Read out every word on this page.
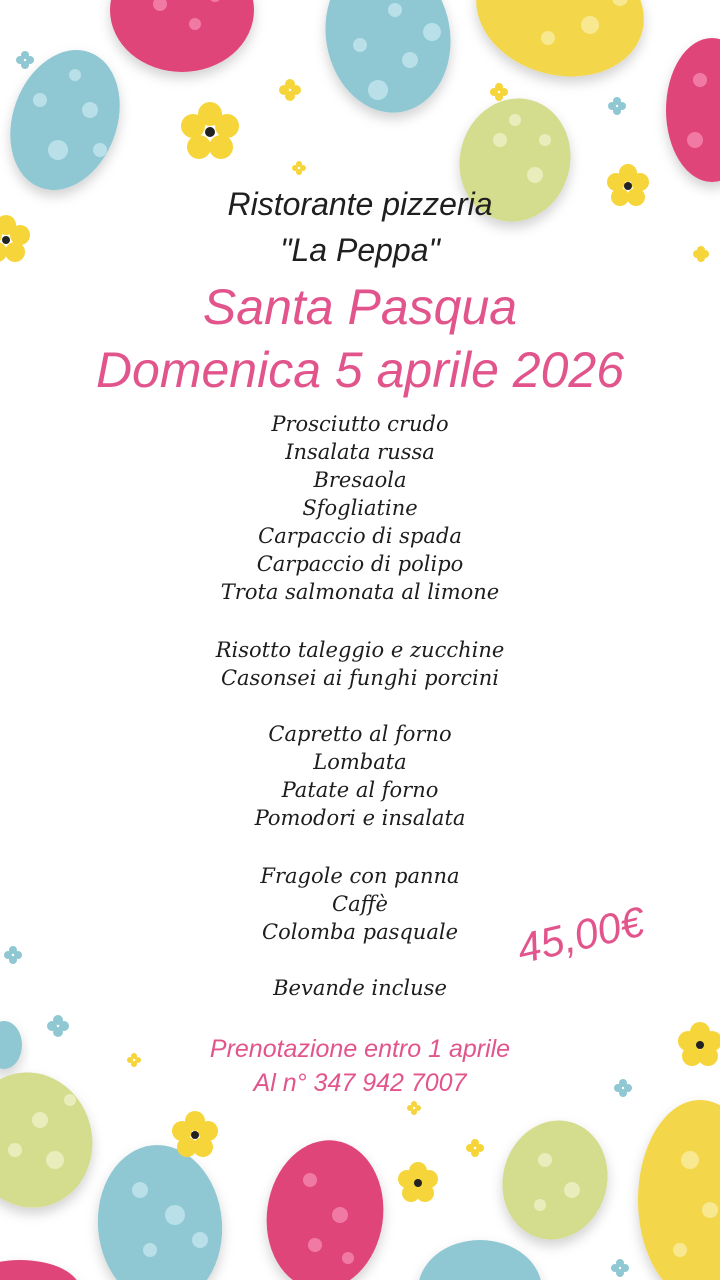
Ristorante pizzeria
"La Peppa"
Santa Pasqua
Domenica 5 aprile 2026
Prosciutto crudo
Insalata russa
Bresaola
Sfogliatine
Carpaccio di spada
Carpaccio di polipo
Trota salmonata al limone
Risotto taleggio e zucchine
Casonsei ai funghi porcini
Capretto al forno
Lombata
Patate al forno
Pomodori e insalata
Fragole con panna
Caffè
Colomba pasquale
Bevande incluse
45,00€
Prenotazione entro 1 aprile
Al n° 347 942 7007
